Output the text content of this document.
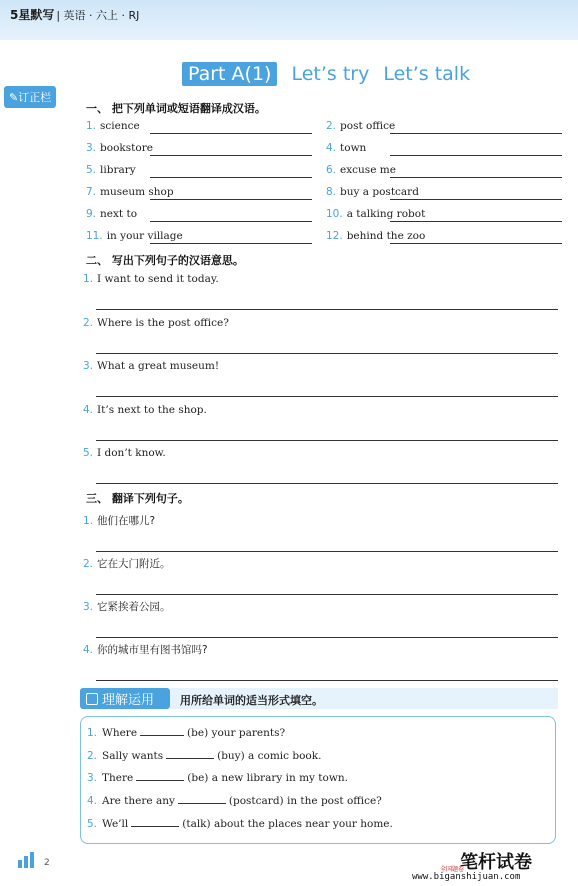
5星默写 | 英语 · 六上 · RJ
Part A(1)	Let’s try Let’s talk
✎订正栏
一、 把下列单词或短语翻译成汉语。
1. science	2. post office
3. bookstore	4. town
5. library	6. excuse me
7. museum shop	8. buy a postcard
9. next to	10. a talking robot
11. in your village	12. behind the zoo
二、 写出下列句子的汉语意思。
1. I want to send it today.
2. Where is the post office?
3. What a great museum!
4. It’s next to the shop.
5. I don’t know.
三、 翻译下列句子。
1. 他们在哪儿?
2. 它在大门附近。
3. 它紧挨着公园。
4. 你的城市里有图书馆吗?
理解运用 用所给单词的适当形式填空。
1. Where	(be) your parents?
2. Sally wants	(buy) a comic book.
3. There	(be) a new library in my town.
4. Are there any	(postcard) in the post office?
5. We’ll	(talk) about the places near your home.
2	笔杆试卷
全国题卷
www.biganshijuan.com
